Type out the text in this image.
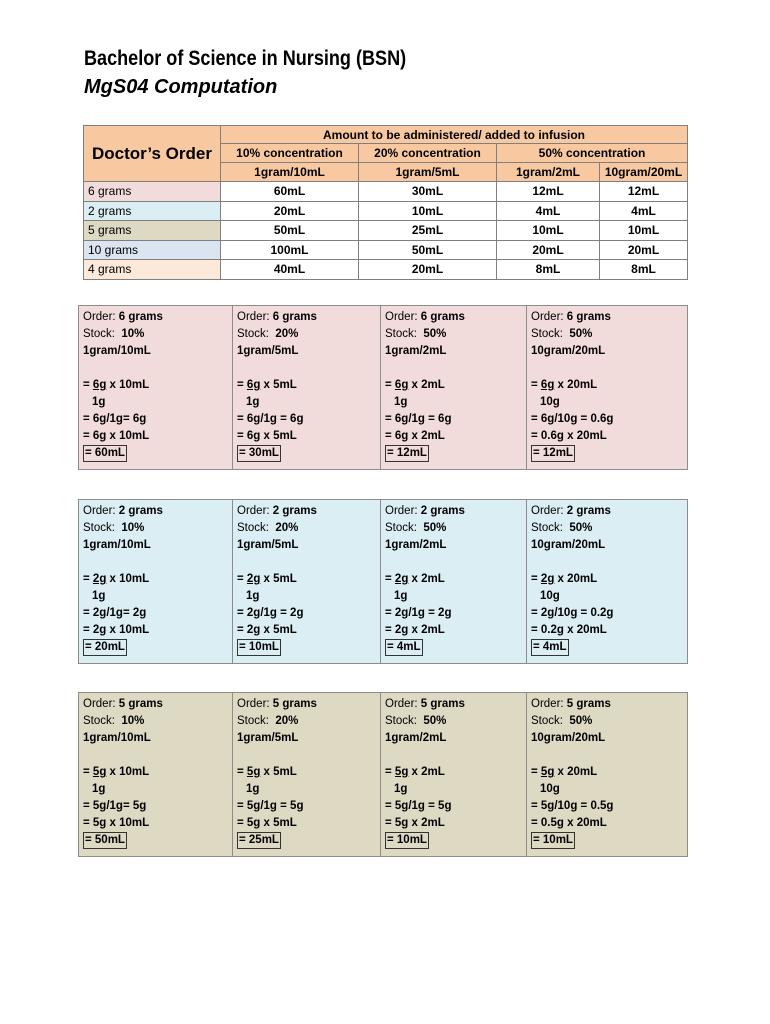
Bachelor of Science in Nursing (BSN)
MgS04 Computation
Doctor’s Order	Amount to be administered/ added to infusion			
	10% concentration	20% concentration	50% concentration	
	1gram/10mL	1gram/5mL	1gram/2mL	10gram/20mL
6 grams	60mL	30mL	12mL	12mL
2 grams	20mL	10mL	4mL	4mL
5 grams	50mL	25mL	10mL	10mL
10 grams	100mL	50mL	20mL	20mL
4 grams	40mL	20mL	8mL	8mL
Order: 6 grams
Stock: 10%
1gram/10mL
= 6g x 10mL
1g
= 6g/1g= 6g
= 6g x 10mL
= 60mL

Order: 6 grams
Stock: 20%
1gram/5mL
= 6g x 5mL
1g
= 6g/1g = 6g
= 6g x 5mL
= 30mL

Order: 6 grams
Stock: 50%
1gram/2mL
= 6g x 2mL
1g
= 6g/1g = 6g
= 6g x 2mL
= 12mL

Order: 6 grams
Stock: 50%
10gram/20mL
= 6g x 20mL
10g
= 6g/10g = 0.6g
= 0.6g x 20mL
= 12mL
Order: 2 grams
Stock: 10%
1gram/10mL
= 2g x 10mL
1g
= 2g/1g= 2g
= 2g x 10mL
= 20mL

Order: 2 grams
Stock: 20%
1gram/5mL
= 2g x 5mL
1g
= 2g/1g = 2g
= 2g x 5mL
= 10mL

Order: 2 grams
Stock: 50%
1gram/2mL
= 2g x 2mL
1g
= 2g/1g = 2g
= 2g x 2mL
= 4mL

Order: 2 grams
Stock: 50%
10gram/20mL
= 2g x 20mL
10g
= 2g/10g = 0.2g
= 0.2g x 20mL
= 4mL
Order: 5 grams
Stock: 10%
1gram/10mL
= 5g x 10mL
1g
= 5g/1g= 5g
= 5g x 10mL
= 50mL

Order: 5 grams
Stock: 20%
1gram/5mL
= 5g x 5mL
1g
= 5g/1g = 5g
= 5g x 5mL
= 25mL

Order: 5 grams
Stock: 50%
1gram/2mL
= 5g x 2mL
1g
= 5g/1g = 5g
= 5g x 2mL
= 10mL

Order: 5 grams
Stock: 50%
10gram/20mL
= 5g x 20mL
10g
= 5g/10g = 0.5g
= 0.5g x 20mL
= 10mL
